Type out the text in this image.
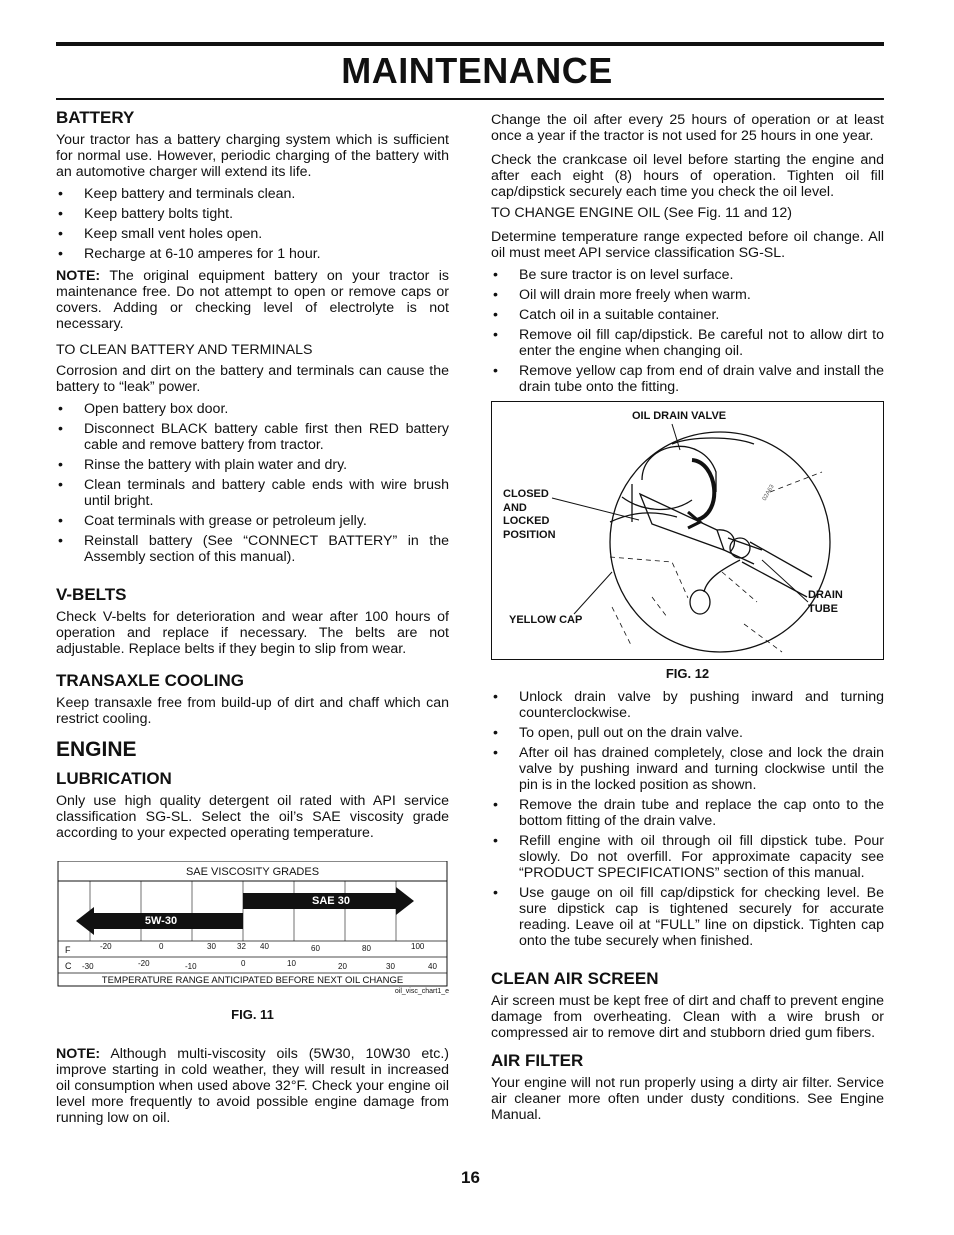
MAINTENANCE
BATTERY

Your tractor has a battery charging system which is sufficient for normal use. However, periodic charging of the battery with an automotive charger will extend its life.

• Keep battery and terminals clean.
• Keep battery bolts tight.
• Keep small vent holes open.
• Recharge at 6-10 amperes for 1 hour.

NOTE: The original equipment battery on your tractor is maintenance free. Do not attempt to open or remove caps or covers. Adding or checking level of electrolyte is not necessary.

TO CLEAN BATTERY AND TERMINALS

Corrosion and dirt on the battery and terminals can cause the battery to “leak” power.

• Open battery box door.
• Disconnect BLACK battery cable first then RED battery cable and remove battery from tractor.
• Rinse the battery with plain water and dry.
• Clean terminals and battery cable ends with wire brush until bright.
• Coat terminals with grease or petroleum jelly.
• Reinstall battery (See “CONNECT BATTERY” in the Assembly section of this manual).
V-BELTS

Check V-belts for deterioration and wear after 100 hours of operation and replace if necessary. The belts are not adjustable. Replace belts if they begin to slip from wear.

TRANSAXLE COOLING

Keep transaxle free from build-up of dirt and chaff which can restrict cooling.

ENGINE
LUBRICATION

Only use high quality detergent oil rated with API service classification SG-SL. Select the oil’s SAE viscosity grade according to your expected operating temperature.

SAE VISCOSITY GRADES
SAE 30
5W-30
F
C
-20	0	30	32 40	60	80	100
-30	-20	-10	0	10	20	30	40
TEMPERATURE RANGE ANTICIPATED BEFORE NEXT OIL CHANGE
oil_visc_chart1_e
FIG. 11

NOTE: Although multi-viscosity oils (5W30, 10W30 etc.) improve starting in cold weather, they will result in increased oil consumption when used above 32°F. Check your engine oil level more frequently to avoid possible engine damage from running low on oil.

Change the oil after every 25 hours of operation or at least once a year if the tractor is not used for 25 hours in one year.

Check the crankcase oil level before starting the engine and after each eight (8) hours of operation. Tighten oil fill cap/dipstick securely each time you check the oil level.

TO CHANGE ENGINE OIL (See Fig. 11 and 12)

Determine temperature range expected before oil change. All oil must meet API service classification SG-SL.

• Be sure tractor is on level surface.
• Oil will drain more freely when warm.
• Catch oil in a suitable container.
• Remove oil fill cap/dipstick. Be careful not to allow dirt to enter the engine when changing oil.
• Remove yellow cap from end of drain valve and install the drain tube onto the fitting.
OIL DRAIN VALVE
CLOSED
AND
LOCKED
POSITION
YELLOW CAP
DRAIN
TUBE
02A63
FIG. 12
• Unlock drain valve by pushing inward and turning counterclockwise.
• To open, pull out on the drain valve.
• After oil has drained completely, close and lock the drain valve by pushing inward and turning clockwise until the pin is in the locked position as shown.
• Remove the drain tube and replace the cap onto to the bottom fitting of the drain valve.
• Refill engine with oil through oil fill dipstick tube. Pour slowly. Do not overfill. For approximate capacity see “PRODUCT SPECIFICATIONS” section of this manual.
• Use gauge on oil fill cap/dipstick for checking level. Be sure dipstick cap is tightened securely for accurate reading. Leave oil at “FULL” line on dipstick. Tighten cap onto the tube securely when finished.
CLEAN AIR SCREEN

Air screen must be kept free of dirt and chaff to prevent engine damage from overheating. Clean with a wire brush or compressed air to remove dirt and stubborn dried gum fibers.

AIR FILTER

Your engine will not run properly using a dirty air filter. Service air cleaner more often under dusty conditions. See Engine Manual.

16
